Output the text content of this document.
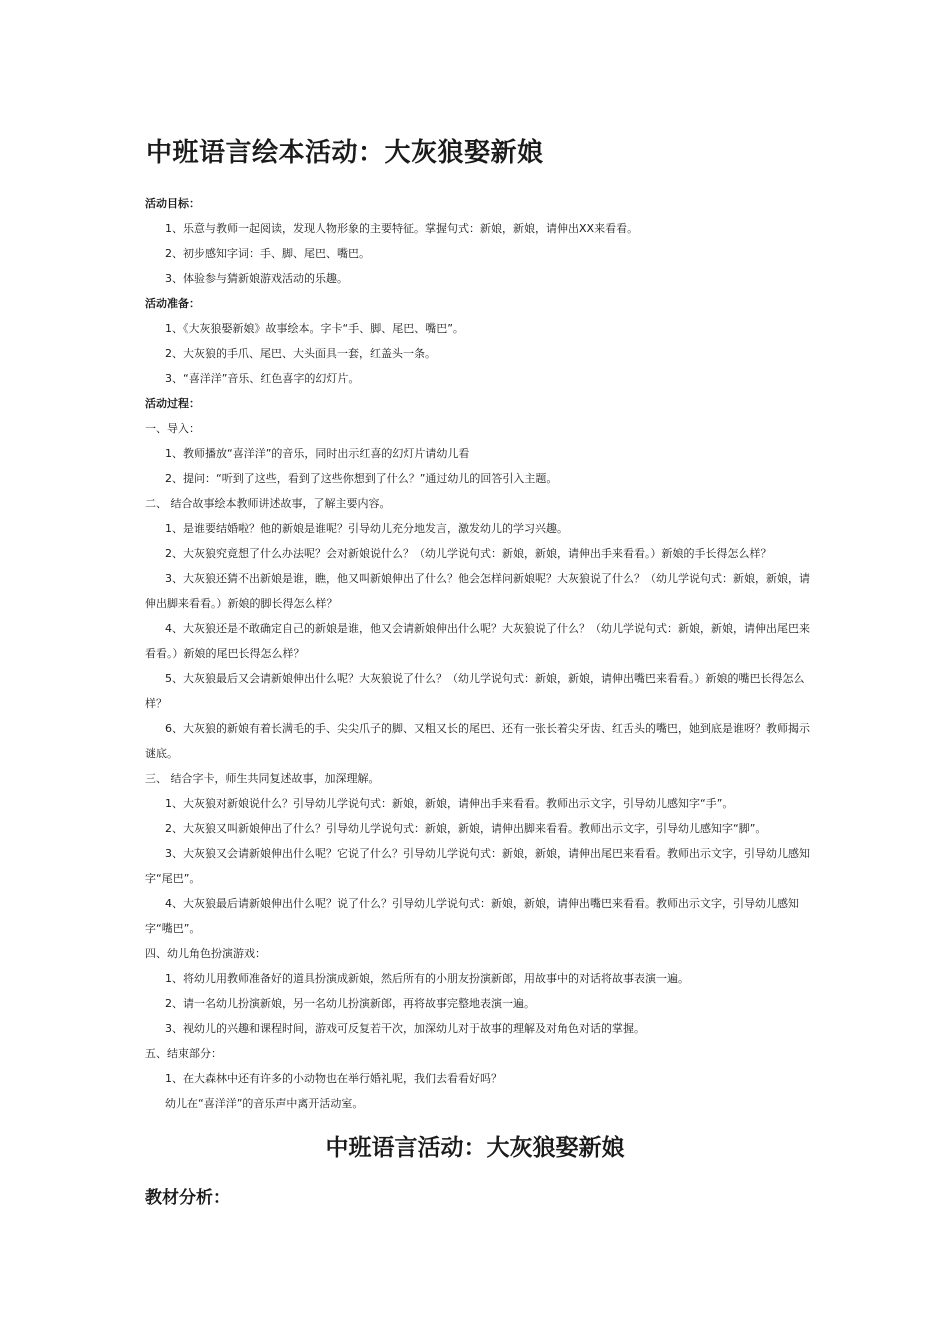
中班语言绘本活动：大灰狼娶新娘

活动目标：

1、乐意与教师一起阅读，发现人物形象的主要特征。掌握句式：新娘，新娘，请伸出XX来看看。

2、初步感知字词：手、脚、尾巴、嘴巴。

3、体验参与猜新娘游戏活动的乐趣。

活动准备：

1、《大灰狼娶新娘》故事绘本。字卡“手、脚、尾巴、嘴巴”。

2、大灰狼的手爪、尾巴、大头面具一套，红盖头一条。

3、“喜洋洋”音乐、红色喜字的幻灯片。

活动过程：

一、导入：

1、教师播放“喜洋洋”的音乐，同时出示红喜的幻灯片请幼儿看

2、提问：“听到了这些，看到了这些你想到了什么？”通过幼儿的回答引入主题。

二、 结合故事绘本教师讲述故事，了解主要内容。

1、是谁要结婚啦？他的新娘是谁呢？引导幼儿充分地发言，激发幼儿的学习兴趣。

2、大灰狼究竟想了什么办法呢？会对新娘说什么？（幼儿学说句式：新娘，新娘，请伸出手来看看。）新娘的手长得怎么样？

3、大灰狼还猜不出新娘是谁，瞧，他又叫新娘伸出了什么？他会怎样问新娘呢？大灰狼说了什么？（幼儿学说句式：新娘，新娘，请伸出脚来看看。）新娘的脚长得怎么样？

4、大灰狼还是不敢确定自己的新娘是谁，他又会请新娘伸出什么呢？大灰狼说了什么？（幼儿学说句式：新娘，新娘，请伸出尾巴来看看。）新娘的尾巴长得怎么样？

5、大灰狼最后又会请新娘伸出什么呢？大灰狼说了什么？（幼儿学说句式：新娘，新娘，请伸出嘴巴来看看。）新娘的嘴巴长得怎么样？

6、大灰狼的新娘有着长满毛的手、尖尖爪子的脚、又粗又长的尾巴、还有一张长着尖牙齿、红舌头的嘴巴，她到底是谁呀？教师揭示谜底。

三、 结合字卡，师生共同复述故事，加深理解。

1、大灰狼对新娘说什么？引导幼儿学说句式：新娘，新娘，请伸出手来看看。教师出示文字，引导幼儿感知字“手”。

2、大灰狼又叫新娘伸出了什么？引导幼儿学说句式：新娘，新娘，请伸出脚来看看。教师出示文字，引导幼儿感知字“脚”。

3、大灰狼又会请新娘伸出什么呢？它说了什么？引导幼儿学说句式：新娘，新娘，请伸出尾巴来看看。教师出示文字，引导幼儿感知字“尾巴”。

4、大灰狼最后请新娘伸出什么呢？说了什么？引导幼儿学说句式：新娘，新娘，请伸出嘴巴来看看。教师出示文字，引导幼儿感知字“嘴巴”。

四、幼儿角色扮演游戏：

1、将幼儿用教师准备好的道具扮演成新娘，然后所有的小朋友扮演新郎，用故事中的对话将故事表演一遍。

2、请一名幼儿扮演新娘，另一名幼儿扮演新郎，再将故事完整地表演一遍。

3、视幼儿的兴趣和课程时间，游戏可反复若干次，加深幼儿对于故事的理解及对角色对话的掌握。

五、结束部分：

1、在大森林中还有许多的小动物也在举行婚礼呢，我们去看看好吗？

幼儿在“喜洋洋”的音乐声中离开活动室。

中班语言活动：大灰狼娶新娘
教材分析：
